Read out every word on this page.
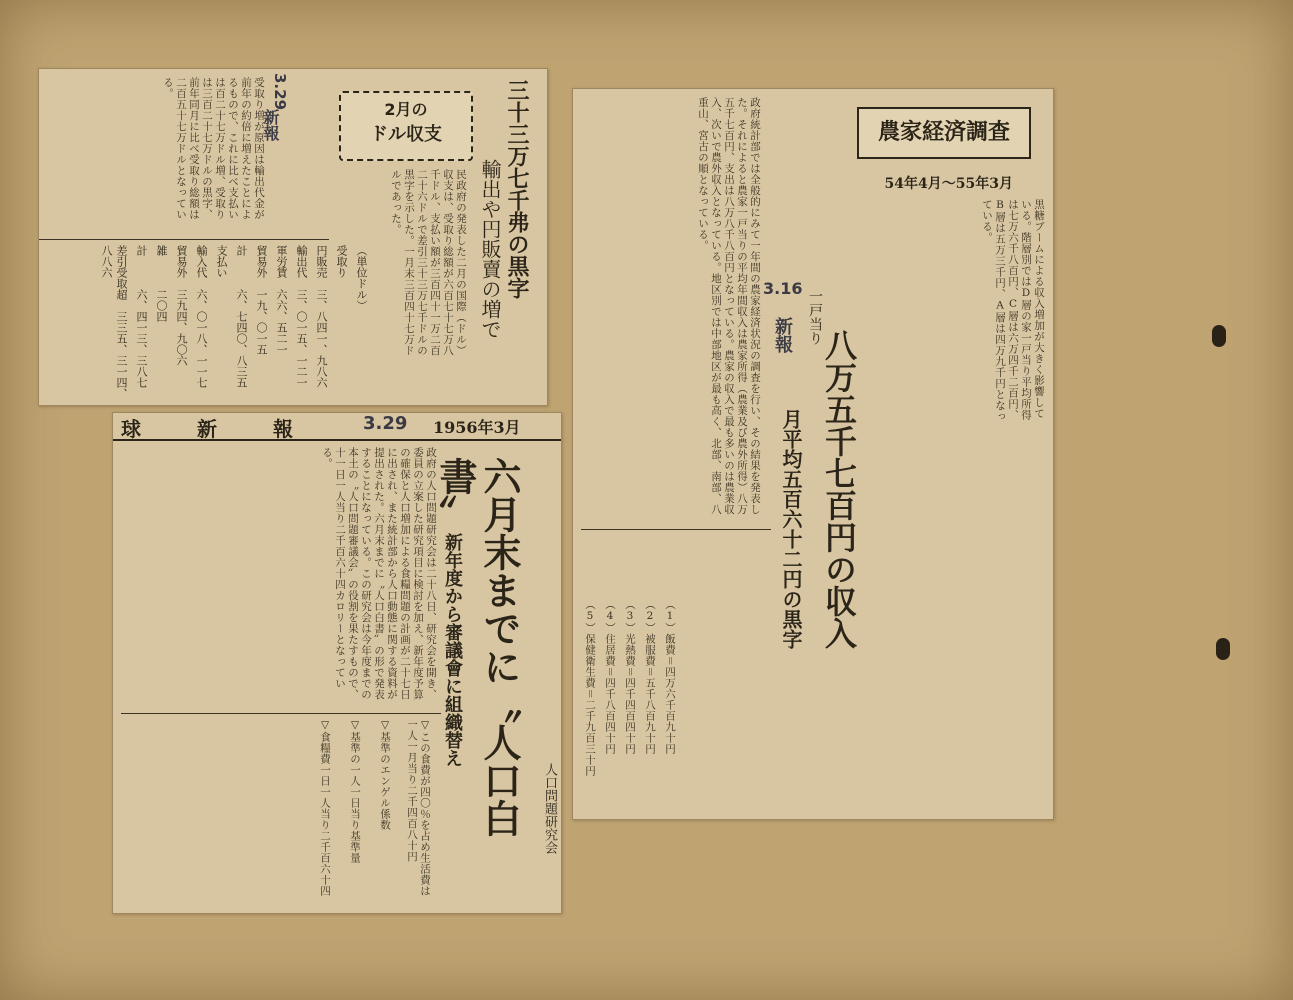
受取り増が原因は輸出代金が前年の約倍に増えたことによるもので、これに比べ支払いは百二十七万ドル増、受取りは三百二十七万ドルの黒字、前年同月に比べ受取り総額は二百五十七万ドルとなっている。	3.29
新報	2月の
ドル収支	三十三万七千弗の黒字
輸出や円販賣の増で
民政府の発表した二月の国際（ドル）収支は、受取り総額が六百七十七万八千ドル、支払い額が三百四十一万二百二十六ドルで差引三十三万七千ドルの黒字を示した。一月末三百四十七万ドルであった。
（単位ドル）
受取り
円販売　三、八四一、九八六
輸出代　三、〇一五、一二一
軍労賃　六六、五二一
貿易外　一九、〇一五
計　　　六、七四〇、八三五
支払い
輸入代　六、〇一八、一一七
貿易外　三九四、九〇六
雑　　　二〇四
計　　　六、四一三、三八七
差引受取超　三三五、三一四、八八六
球　新　報	3.29 1956年3月
六月末までに〝人口白書〟
新年度から審議會に組織替え
人口問題研究会
政府の人口問題研究会は二十八日、研究会を開き、委員の立案した研究項目に検討を加え、新年度予算の確保と人口増加による食糧問題の計画が二十七日に出され、また統計部から人口動態に関する資料が提出された。六月末までに〝人口白書〟の形で発表することになっている。この研究会は今年度までの本土の〝人口問題審議会〟の役割を果たすもので、十一日一人当り二千百六十四カロリーとなっている。
▽この食費が四〇％を占め生活費は一人一月当り二千四百八十円
▽基準のエンゲル係数
▽基準の一人一日当り基準量
▽食糧費一日一人当り二千百六十四
農家経済調査
54年4月〜55年3月
3.16
新報 一戸当り
八万五千七百円の収入
月平均五百六十二円の黒字
政府統計部では全般的にみて一年間の農家経済状況の調査を行い、その結果を発表した。それによると農家一戸当りの平均年間収入は農家所得（農業及び農外所得）八万五千七百円、支出は八万八千八百円となっている。農家の収入で最も多いのは農業収入、次いで農外収入となっている。地区別では中部地区が最も高く、北部、南部、八重山、宮古の順となっている。
黒糖ブームによる収入増加が大きく影響している。階層別ではD層の家一戸当り平均所得は七万六千八百円、C層は六万四千二百円、B層は五万三千円、A層は四万九千円となっている。
（5）保健衛生費＝二千九百三十円 （4）住居費＝四千八百四十円 （3）光熱費＝四千四百四十円 （2）被服費＝五千八百九十円 （1）飯費＝四万六千百九十円
